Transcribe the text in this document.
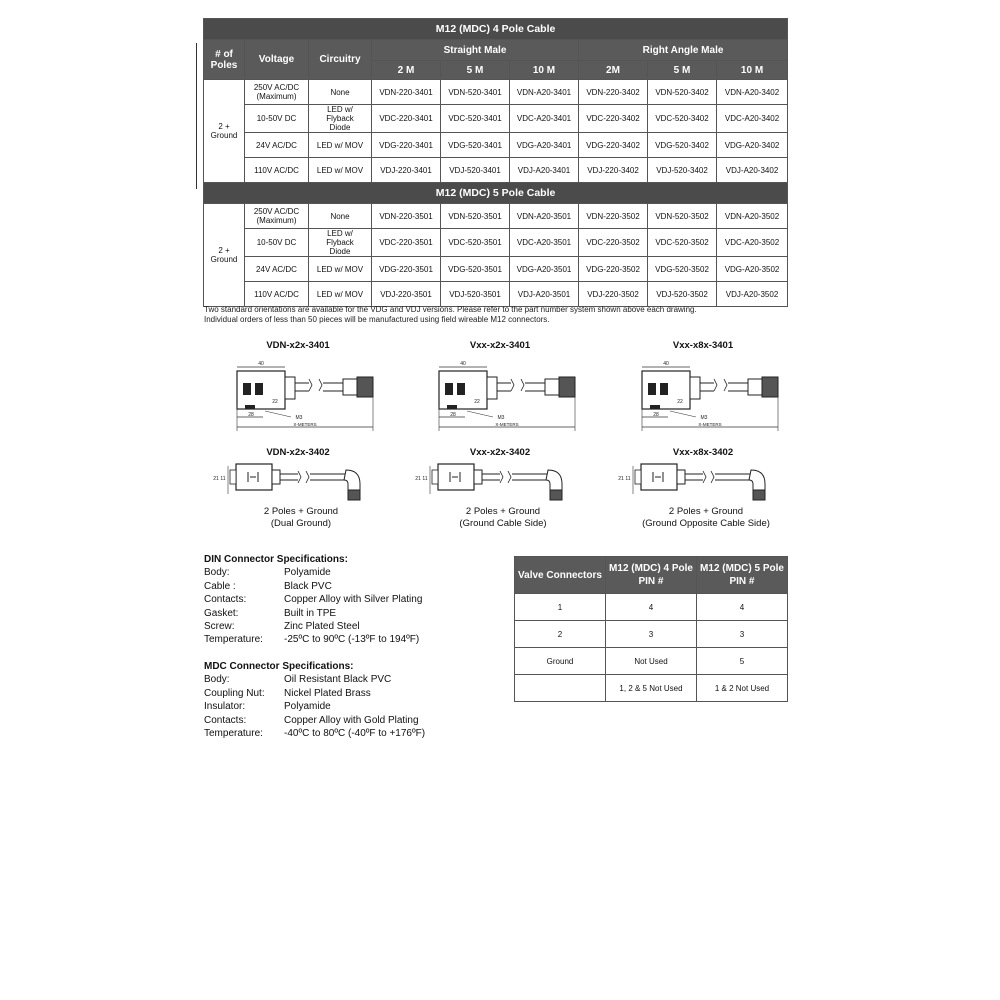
M12 (MDC) 4 Pole Cable								
# of Poles	Voltage	Circuitry	Straight Male			Right Angle Male		
			2 M	5 M	10 M	2M	5 M	10 M
2 + Ground	250V AC/DC (Maximum)	None	VDN-220-3401	VDN-520-3401	VDN-A20-3401	VDN-220-3402	VDN-520-3402	VDN-A20-3402
	10-50V DC	LED w/ Flyback Diode	VDC-220-3401	VDC-520-3401	VDC-A20-3401	VDC-220-3402	VDC-520-3402	VDC-A20-3402
	24V AC/DC	LED w/ MOV	VDG-220-3401	VDG-520-3401	VDG-A20-3401	VDG-220-3402	VDG-520-3402	VDG-A20-3402
	110V AC/DC	LED w/ MOV	VDJ-220-3401	VDJ-520-3401	VDJ-A20-3401	VDJ-220-3402	VDJ-520-3402	VDJ-A20-3402
M12 (MDC) 5 Pole Cable								
2 + Ground	250V AC/DC (Maximum)	None	VDN-220-3501	VDN-520-3501	VDN-A20-3501	VDN-220-3502	VDN-520-3502	VDN-A20-3502
	10-50V DC	LED w/ Flyback Diode	VDC-220-3501	VDC-520-3501	VDC-A20-3501	VDC-220-3502	VDC-520-3502	VDC-A20-3502
	24V AC/DC	LED w/ MOV	VDG-220-3501	VDG-520-3501	VDG-A20-3501	VDG-220-3502	VDG-520-3502	VDG-A20-3502
	110V AC/DC	LED w/ MOV	VDJ-220-3501	VDJ-520-3501	VDJ-A20-3501	VDJ-220-3502	VDJ-520-3502	VDJ-A20-3502
Two standard orientations are available for the VDG and VDJ versions. Please refer to the part number system shown above each drawing.
Individual orders of less than 50 pieces will be manufactured using field wireable M12 connectors.
VDN-x2x-3401
40
22
28	M3
X-METERS
VDN-x2x-3402
21 11
2 Poles + Ground
(Dual Ground)
Vxx-x2x-3401
40
22
28	M3
X-METERS
Vxx-x2x-3402
21 11
2 Poles + Ground
(Ground Cable Side)
Vxx-x8x-3401
40
22
28	M3
X-METERS
Vxx-x8x-3402
21 11
2 Poles + Ground
(Ground Opposite Cable Side)
DIN Connector Specifications:
Body:	Polyamide
Cable :	Black PVC
Contacts:	Copper Alloy with Silver Plating
Gasket:	Built in TPE
Screw:	Zinc Plated Steel
Temperature:	-25ºC to 90ºC (-13ºF to 194ºF)
MDC Connector Specifications:
Body:	Oil Resistant Black PVC
Coupling Nut:	Nickel Plated Brass
Insulator:	Polyamide
Contacts:	Copper Alloy with Gold Plating
Temperature:	-40ºC to 80ºC (-40ºF to +176ºF)
Valve Connectors	M12 (MDC) 4 Pole PIN #	M12 (MDC) 5 Pole PIN #
1	4	4
2	3	3
Ground	Not Used	5
	1, 2 & 5 Not Used	1 & 2 Not Used
